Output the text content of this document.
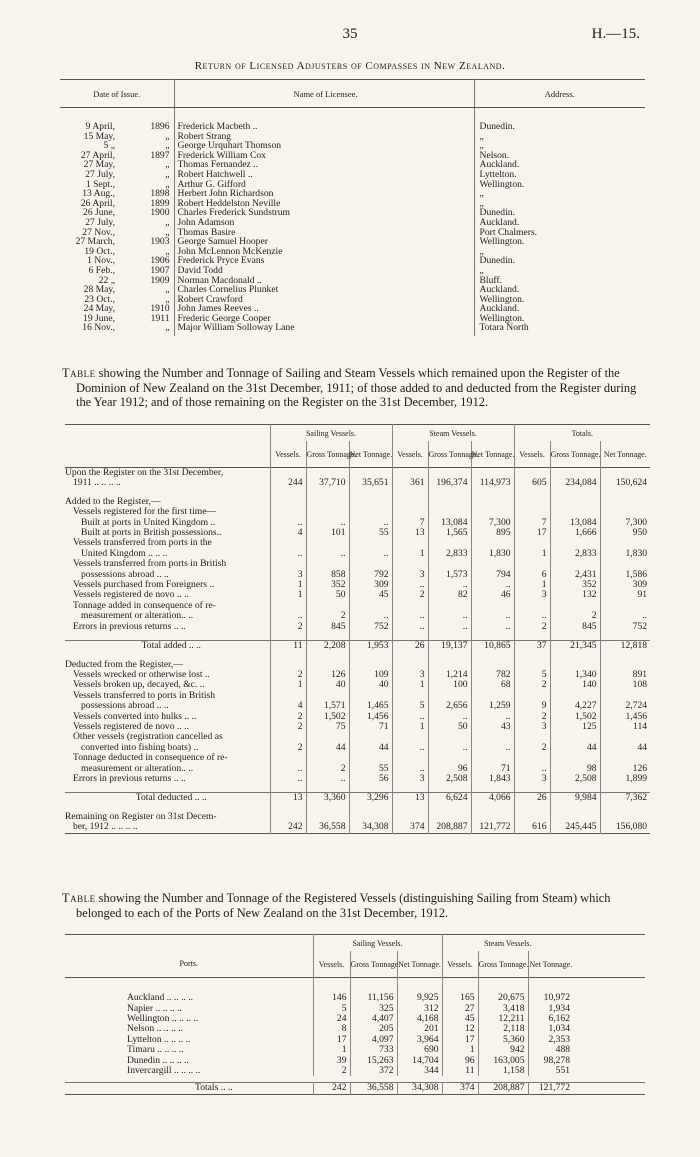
35	H.—15.
Return of Licensed Adjusters of Compasses in New Zealand.
Date of Issue.		Name of Licensee.	Address.
9 April,	1896	Frederick Macbeth ..	Dunedin.
15 May,	„	Robert Strang	„
5 „	„	George Urquhart Thomson	„
27 April,	1897	Frederick William Cox	Nelson.
27 May,	„	Thomas Fernandez ..	Auckland.
27 July,	„	Robert Hatchwell ..	Lyttelton.
1 Sept.,	„	Arthur G. Gifford	Wellington.
13 Aug.,	1898	Herbert John Richardson	„
26 April,	1899	Robert Heddelston Neville	„
26 June,	1900	Charles Frederick Sundstrum	Dunedin.
27 July,	„	John Adamson	Auckland.
27 Nov.,	„	Thomas Basire	Port Chalmers.
27 March,	1903	George Samuel Hooper	Wellington.
19 Oct.,	„	John McLennon McKenzie	„
1 Nov.,	1906	Frederick Pryce Evans	Dunedin.
6 Feb.,	1907	David Todd	„
22 „	1909	Norman Macdonald ..	Bluff.
28 May,	„	Charles Cornelius Plunket	Auckland.
23 Oct.,	„	Robert Crawford	Wellington.
24 May,	1910	John James Reeves ..	Auckland.
19 June,	1911	Frederic George Cooper	Wellington.
16 Nov.,	„	Major William Solloway Lane	Totara North
Table showing the Number and Tonnage of Sailing and Steam Vessels which remained upon the Register of the Dominion of New Zealand on the 31st December, 1911; of those added to and deducted from the Register during the Year 1912; and of those remaining on the Register on the 31st December, 1912.
	Sailing Vessels.			Steam Vessels.			Totals.		
	Vessels.	Gross Tonnage.	Net Tonnage.	Vessels.	Gross Tonnage.	Net Tonnage.	Vessels.	Gross Tonnage.	Net Tonnage.
Upon the Register on the 31st December,									
1911 .. .. .. ..	244	37,710	35,651	361	196,374	114,973	605	234,084	150,624

Added to the Register,—									
Vessels registered for the first time—									
Built at ports in United Kingdom ..	..	..	..	7	13,084	7,300	7	13,084	7,300
Built at ports in British possessions..	4	101	55	13	1,565	895	17	1,666	950
Vessels transferred from ports in the									
United Kingdom .. .. ..	..	..	..	1	2,833	1,830	1	2,833	1,830
Vessels transferred from ports in British									
possessions abroad .. ..	3	858	792	3	1,573	794	6	2,431	1,586
Vessels purchased from Foreigners ..	1	352	309	..	..	..	1	352	309
Vessels registered de novo .. ..	1	50	45	2	82	46	3	132	91
Tonnage added in consequence of re-									
measurement or alteration.. ..	..	2	..	..	..	..	..	2	..
Errors in previous returns .. ..	2	845	752	..	..	..	2	845	752

Total added .. ..	11	2,208	1,953	26	19,137	10,865	37	21,345	12,818

Deducted from the Register,—									
Vessels wrecked or otherwise lost ..	2	126	109	3	1,214	782	5	1,340	891
Vessels broken up, decayed, &c. ..	1	40	40	1	100	68	2	140	108
Vessels transferred to ports in British									
possessions abroad .. ..	4	1,571	1,465	5	2,656	1,259	9	4,227	2,724
Vessels converted into hulks .. ..	2	1,502	1,456	..	..	..	2	1,502	1,456
Vessels registered de novo .. ..	2	75	71	1	50	43	3	125	114
Other vessels (registration cancelled as									
converted into fishing boats) ..	2	44	44	..	..	..	2	44	44
Tonnage deducted in consequence of re-									
measurement or alteration.. ..	..	2	55	..	96	71	..	98	126
Errors in previous returns .. ..	..	..	56	3	2,508	1,843	3	2,508	1,899

Total deducted .. ..	13	3,360	3,296	13	6,624	4,066	26	9,984	7,362

Remaining on Register on 31st Decem-									
ber, 1912 .. .. .. ..	242	36,558	34,308	374	208,887	121,772	616	245,445	156,080
Table showing the Number and Tonnage of the Registered Vessels (distinguishing Sailing from Steam) which belonged to each of the Ports of New Zealand on the 31st December, 1912.
Ports.	Sailing Vessels.			Steam Vessels.			
	Vessels.	Gross Tonnage.	Net Tonnage.	Vessels.	Gross Tonnage.	Net Tonnage.	
Auckland .. .. .. ..	146	11,156	9,925	165	20,675	10,972	
Napier .. .. .. ..	5	325	312	27	3,418	1,934	
Wellington .. .. .. ..	24	4,407	4,168	45	12,211	6,162	
Nelson .. .. .. ..	8	205	201	12	2,118	1,034	
Lyttelton .. .. .. ..	17	4,097	3,964	17	5,360	2,353	
Timaru .. .. .. ..	1	733	690	1	942	488	
Dunedin .. .. .. ..	39	15,263	14,704	96	163,005	98,278	
Invercargill .. .. .. ..	2	372	344	11	1,158	551	

Totals .. ..	242	36,558	34,308	374	208,887	121,772	
